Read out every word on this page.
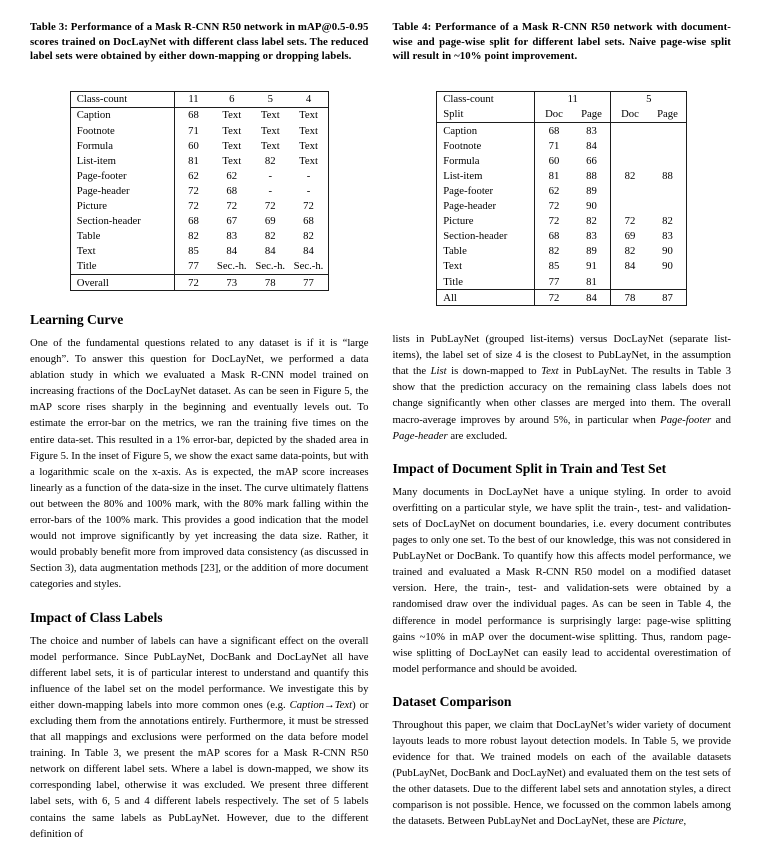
Table 3: Performance of a Mask R-CNN R50 network in mAP@0.5-0.95 scores trained on DocLayNet with different class label sets. The reduced label sets were obtained by either down-mapping or dropping labels.

Class-count	11	6	5	4
Caption	68	Text	Text	Text
Footnote	71	Text	Text	Text
Formula	60	Text	Text	Text
List-item	81	Text	82	Text
Page-footer	62	62	-	-
Page-header	72	68	-	-
Picture	72	72	72	72
Section-header	68	67	69	68
Table	82	83	82	82
Text	85	84	84	84
Title	77	Sec.-h.	Sec.-h.	Sec.-h.
Overall	72	73	78	77
Learning Curve

One of the fundamental questions related to any dataset is if it is “large enough”. To answer this question for DocLayNet, we performed a data ablation study in which we evaluated a Mask R-CNN model trained on increasing fractions of the DocLayNet dataset. As can be seen in Figure 5, the mAP score rises sharply in the beginning and eventually levels out. To estimate the error-bar on the metrics, we ran the training five times on the entire data-set. This resulted in a 1% error-bar, depicted by the shaded area in Figure 5. In the inset of Figure 5, we show the exact same data-points, but with a logarithmic scale on the x-axis. As is expected, the mAP score increases linearly as a function of the data-size in the inset. The curve ultimately flattens out between the 80% and 100% mark, with the 80% mark falling within the error-bars of the 100% mark. This provides a good indication that the model would not improve significantly by yet increasing the data size. Rather, it would probably benefit more from improved data consistency (as discussed in Section 3), data augmentation methods [23], or the addition of more document categories and styles.

Impact of Class Labels

The choice and number of labels can have a significant effect on the overall model performance. Since PubLayNet, DocBank and DocLayNet all have different label sets, it is of particular interest to understand and quantify this influence of the label set on the model performance. We investigate this by either down-mapping labels into more common ones (e.g. Caption→Text) or excluding them from the annotations entirely. Furthermore, it must be stressed that all mappings and exclusions were performed on the data before model training. In Table 3, we present the mAP scores for a Mask R-CNN R50 network on different label sets. Where a label is down-mapped, we show its corresponding label, otherwise it was excluded. We present three different label sets, with 6, 5 and 4 different labels respectively. The set of 5 labels contains the same labels as PubLayNet. However, due to the different definition of

Table 4: Performance of a Mask R-CNN R50 network with document-wise and page-wise split for different label sets. Naive page-wise split will result in ~10% point improvement.

Class-count	11		5	
Split	Doc	Page	Doc	Page
Caption	68	83		
Footnote	71	84		
Formula	60	66		
List-item	81	88	82	88
Page-footer	62	89		
Page-header	72	90		
Picture	72	82	72	82
Section-header	68	83	69	83
Table	82	89	82	90
Text	85	91	84	90
Title	77	81		
All	72	84	78	87

lists in PubLayNet (grouped list-items) versus DocLayNet (separate list-items), the label set of size 4 is the closest to PubLayNet, in the assumption that the List is down-mapped to Text in PubLayNet. The results in Table 3 show that the prediction accuracy on the remaining class labels does not change significantly when other classes are merged into them. The overall macro-average improves by around 5%, in particular when Page-footer and Page-header are excluded.

Impact of Document Split in Train and Test Set

Many documents in DocLayNet have a unique styling. In order to avoid overfitting on a particular style, we have split the train-, test- and validation-sets of DocLayNet on document boundaries, i.e. every document contributes pages to only one set. To the best of our knowledge, this was not considered in PubLayNet or DocBank. To quantify how this affects model performance, we trained and evaluated a Mask R-CNN R50 model on a modified dataset version. Here, the train-, test- and validation-sets were obtained by a randomised draw over the individual pages. As can be seen in Table 4, the difference in model performance is surprisingly large: page-wise splitting gains ~10% in mAP over the document-wise splitting. Thus, random page-wise splitting of DocLayNet can easily lead to accidental overestimation of model performance and should be avoided.

Dataset Comparison

Throughout this paper, we claim that DocLayNet’s wider variety of document layouts leads to more robust layout detection models. In Table 5, we provide evidence for that. We trained models on each of the available datasets (PubLayNet, DocBank and DocLayNet) and evaluated them on the test sets of the other datasets. Due to the different label sets and annotation styles, a direct comparison is not possible. Hence, we focussed on the common labels among the datasets. Between PubLayNet and DocLayNet, these are Picture,
